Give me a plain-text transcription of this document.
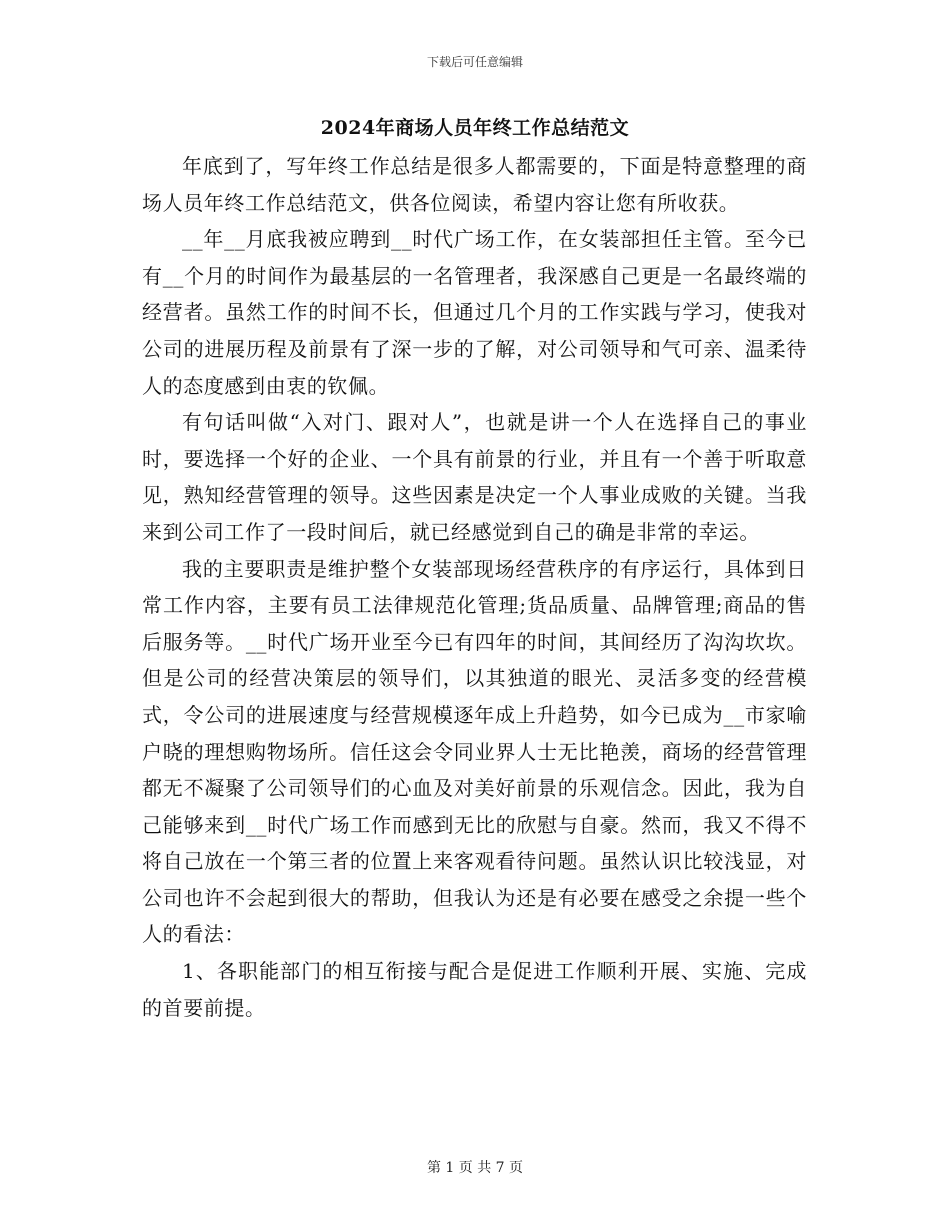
下载后可任意编辑
2024年商场人员年终工作总结范文

年底到了，写年终工作总结是很多人都需要的，下面是特意整理的商场人员年终工作总结范文，供各位阅读，希望内容让您有所收获。

__年__月底我被应聘到__时代广场工作，在女装部担任主管。至今已有__个月的时间作为最基层的一名管理者，我深感自己更是一名最终端的经营者。虽然工作的时间不长，但通过几个月的工作实践与学习，使我对公司的进展历程及前景有了深一步的了解，对公司领导和气可亲、温柔待人的态度感到由衷的钦佩。

有句话叫做“入对门、跟对人”，也就是讲一个人在选择自己的事业时，要选择一个好的企业、一个具有前景的行业，并且有一个善于听取意见，熟知经营管理的领导。这些因素是决定一个人事业成败的关键。当我来到公司工作了一段时间后，就已经感觉到自己的确是非常的幸运。

我的主要职责是维护整个女装部现场经营秩序的有序运行，具体到日常工作内容，主要有员工法律规范化管理;货品质量、品牌管理;商品的售后服务等。__时代广场开业至今已有四年的时间，其间经历了沟沟坎坎。但是公司的经营决策层的领导们，以其独道的眼光、灵活多变的经营模式，令公司的进展速度与经营规模逐年成上升趋势，如今已成为__市家喻户晓的理想购物场所。信任这会令同业界人士无比艳羡，商场的经营管理都无不凝聚了公司领导们的心血及对美好前景的乐观信念。因此，我为自己能够来到__时代广场工作而感到无比的欣慰与自豪。然而，我又不得不将自己放在一个第三者的位置上来客观看待问题。虽然认识比较浅显，对公司也许不会起到很大的帮助，但我认为还是有必要在感受之余提一些个人的看法：

1、各职能部门的相互衔接与配合是促进工作顺利开展、实施、完成的首要前提。

第 1 页 共 7 页
